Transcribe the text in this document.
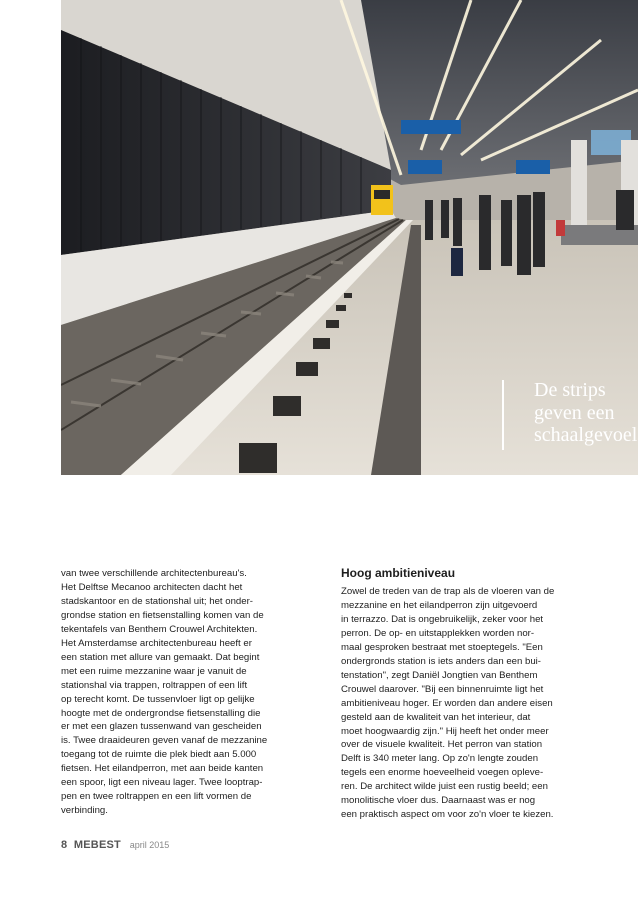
De strips
geven een
schaalgevoel

van twee verschillende architectenbureau's.
Het Delftse Mecanoo architecten dacht het
stadskantoor en de stationshal uit; het onder-
grondse station en fietsenstalling komen van de
tekentafels van Benthem Crouwel Architekten.
Het Amsterdamse architectenbureau heeft er
een station met allure van gemaakt. Dat begint
met een ruime mezzanine waar je vanuit de
stationshal via trappen, roltrappen of een lift
op terecht komt. De tussenvloer ligt op gelijke
hoogte met de ondergrondse fietsenstalling die
er met een glazen tussenwand van gescheiden
is. Twee draaideuren geven vanaf de mezzanine
toegang tot de ruimte die plek biedt aan 5.000
fietsen. Het eilandperron, met aan beide kanten
een spoor, ligt een niveau lager. Twee looptrap-
pen en twee roltrappen en een lift vormen de
verbinding.

Hoog ambitieniveau

Zowel de treden van de trap als de vloeren van de
mezzanine en het eilandperron zijn uitgevoerd
in terrazzo. Dat is ongebruikelijk, zeker voor het
perron. De op- en uitstapplekken worden nor-
maal gesproken bestraat met stoeptegels. "Een
ondergronds station is iets anders dan een bui-
tenstation", zegt Daniël Jongtien van Benthem
Crouwel daarover. "Bij een binnenruimte ligt het
ambitieniveau hoger. Er worden dan andere eisen
gesteld aan de kwaliteit van het interieur, dat
moet hoogwaardig zijn." Hij heeft het onder meer
over de visuele kwaliteit. Het perron van station
Delft is 340 meter lang. Op zo'n lengte zouden
tegels een enorme hoeveelheid voegen opleve-
ren. De architect wilde juist een rustig beeld; een
monolitische vloer dus. Daarnaast was er nog
een praktisch aspect om voor zo'n vloer te kiezen.

8 MEBEST april 2015
